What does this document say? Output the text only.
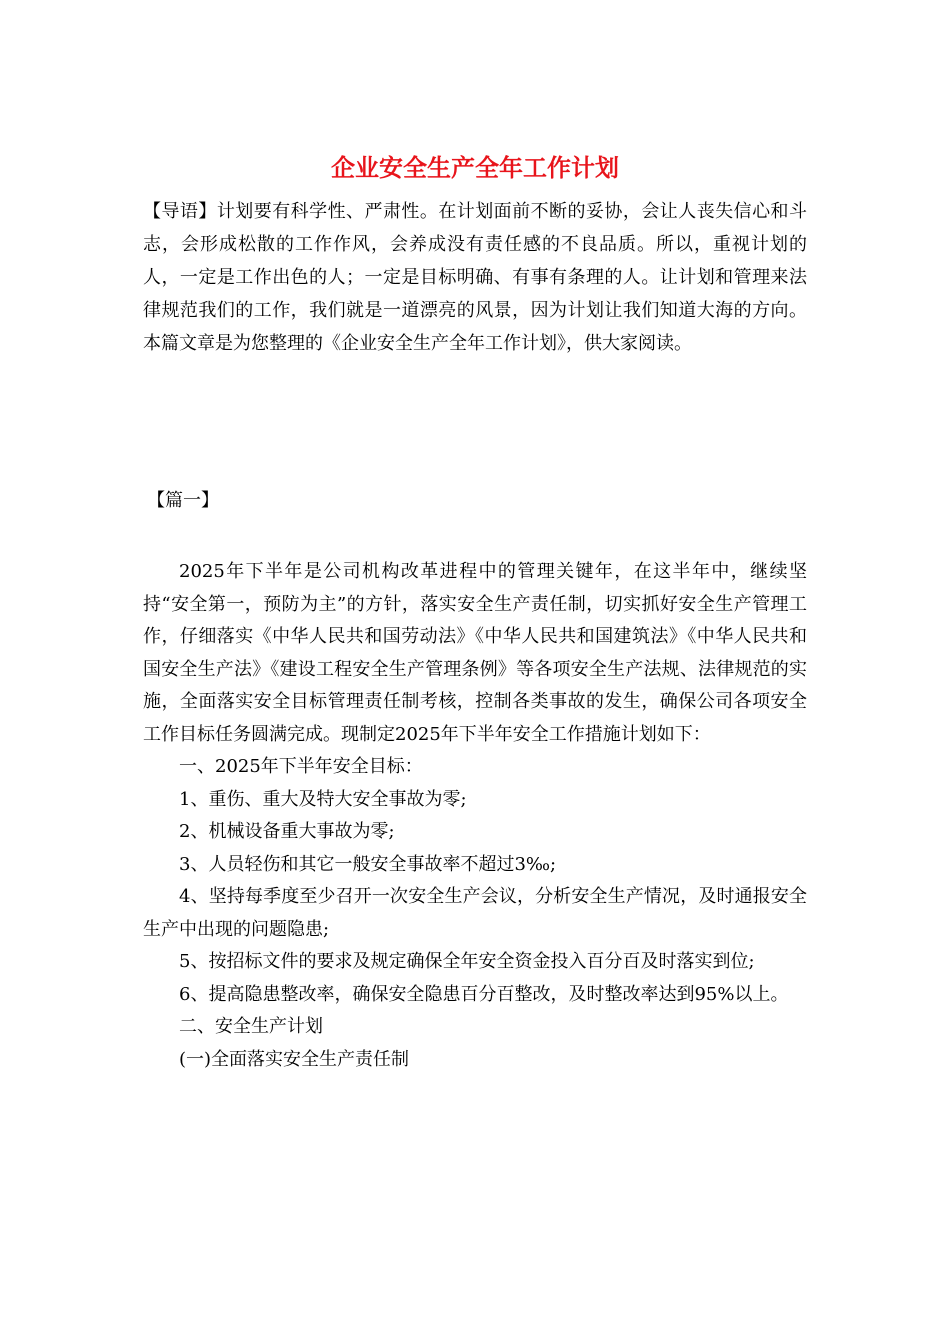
企业安全生产全年工作计划

【导语】计划要有科学性、严肃性。在计划面前不断的妥协，会让人丧失信心和斗志，会形成松散的工作作风，会养成没有责任感的不良品质。所以，重视计划的人，一定是工作出色的人；一定是目标明确、有事有条理的人。让计划和管理来法律规范我们的工作，我们就是一道漂亮的风景，因为计划让我们知道大海的方向。本篇文章是为您整理的《企业安全生产全年工作计划》，供大家阅读。

【篇一】

2025年下半年是公司机构改革进程中的管理关键年，在这半年中，继续坚持“安全第一，预防为主”的方针，落实安全生产责任制，切实抓好安全生产管理工作，仔细落实《中华人民共和国劳动法》《中华人民共和国建筑法》《中华人民共和国安全生产法》《建设工程安全生产管理条例》等各项安全生产法规、法律规范的实施，全面落实安全目标管理责任制考核，控制各类事故的发生，确保公司各项安全工作目标任务圆满完成。现制定2025年下半年安全工作措施计划如下：

一、2025年下半年安全目标：

1、重伤、重大及特大安全事故为零;

2、机械设备重大事故为零;

3、人员轻伤和其它一般安全事故率不超过3‰;

4、坚持每季度至少召开一次安全生产会议，分析安全生产情况，及时通报安全生产中出现的问题隐患;

5、按招标文件的要求及规定确保全年安全资金投入百分百及时落实到位;

6、提高隐患整改率，确保安全隐患百分百整改，及时整改率达到95%以上。

二、安全生产计划

(一)全面落实安全生产责任制
